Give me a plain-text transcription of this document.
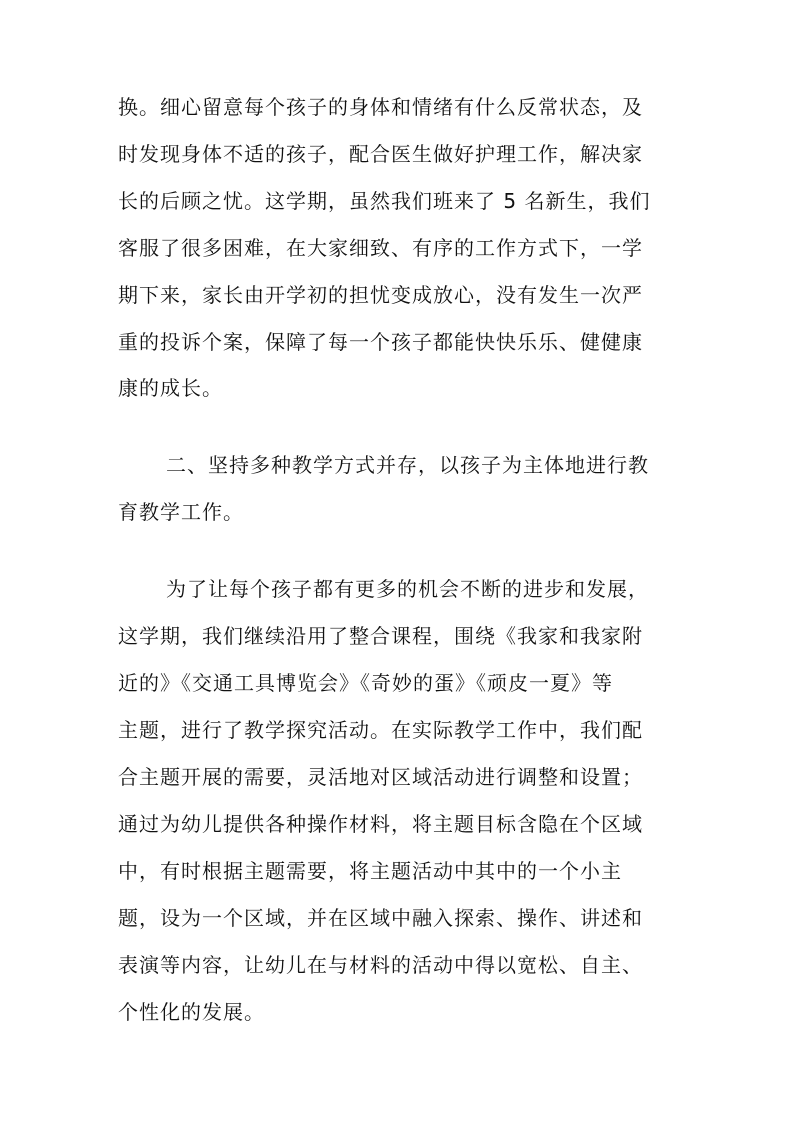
换。细心留意每个孩子的身体和情绪有什么反常状态，及
时发现身体不适的孩子，配合医生做好护理工作，解决家
长的后顾之忧。这学期，虽然我们班来了 5 名新生，我们
客服了很多困难，在大家细致、有序的工作方式下，一学
期下来，家长由开学初的担忧变成放心，没有发生一次严
重的投诉个案，保障了每一个孩子都能快快乐乐、健健康
康的成长。
二、坚持多种教学方式并存，以孩子为主体地进行教
育教学工作。
为了让每个孩子都有更多的机会不断的进步和发展，
这学期，我们继续沿用了整合课程，围绕《我家和我家附
近的》《交通工具博览会》《奇妙的蛋》《顽皮一夏》等
主题，进行了教学探究活动。在实际教学工作中，我们配
合主题开展的需要，灵活地对区域活动进行调整和设置；
通过为幼儿提供各种操作材料，将主题目标含隐在个区域
中，有时根据主题需要，将主题活动中其中的一个小主
题，设为一个区域，并在区域中融入探索、操作、讲述和
表演等内容，让幼儿在与材料的活动中得以宽松、自主、
个性化的发展。
